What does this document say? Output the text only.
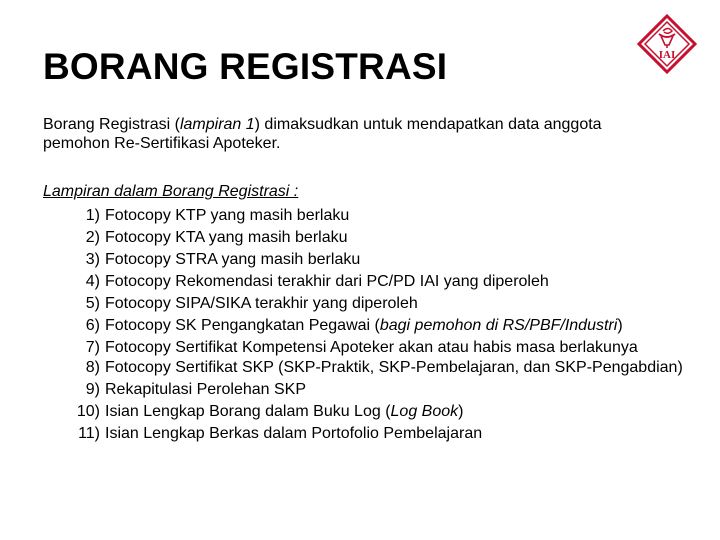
BORANG REGISTRASI	IAI
Borang Registrasi (lampiran 1) dimaksudkan untuk mendapatkan data anggota pemohon Re-Sertifikasi Apoteker.
Lampiran dalam Borang Registrasi :
1) Fotocopy KTP yang masih berlaku
2) Fotocopy KTA yang masih berlaku
3) Fotocopy STRA yang masih berlaku
4) Fotocopy Rekomendasi terakhir dari PC/PD IAI yang diperoleh
5) Fotocopy SIPA/SIKA terakhir yang diperoleh
6) Fotocopy SK Pengangkatan Pegawai (bagi pemohon di RS/PBF/Industri)
7) Fotocopy Sertifikat Kompetensi Apoteker akan atau habis masa berlakunya
8) Fotocopy Sertifikat SKP (SKP-Praktik, SKP-Pembelajaran, dan SKP-Pengabdian)
9) Rekapitulasi Perolehan SKP
10) Isian Lengkap Borang dalam Buku Log (Log Book)
11) Isian Lengkap Berkas dalam Portofolio Pembelajaran
